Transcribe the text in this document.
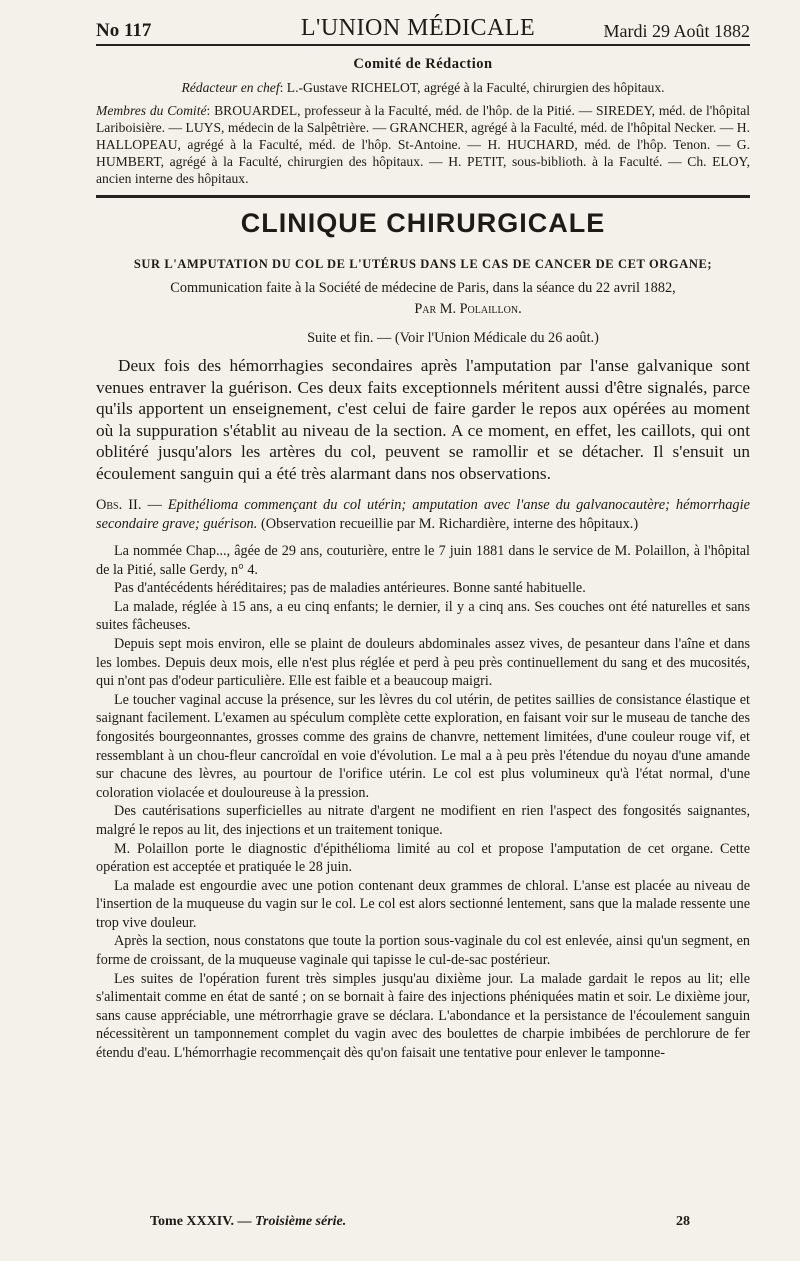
No 117	L'UNION MÉDICALE	Mardi 29 Août 1882
Comité de Rédaction

Rédacteur en chef: L.-Gustave RICHELOT, agrégé à la Faculté, chirurgien des hôpitaux.

Membres du Comité: BROUARDEL, professeur à la Faculté, méd. de l'hôp. de la Pitié. — SIREDEY, méd. de l'hôpital Lariboisière. — LUYS, médecin de la Salpêtrière. — GRANCHER, agrégé à la Faculté, méd. de l'hôpital Necker. — H. HALLOPEAU, agrégé à la Faculté, méd. de l'hôp. St-Antoine. — H. HUCHARD, méd. de l'hôp. Tenon. — G. HUMBERT, agrégé à la Faculté, chirurgien des hôpitaux. — H. PETIT, sous-biblioth. à la Faculté. — Ch. ELOY, ancien interne des hôpitaux.

CLINIQUE CHIRURGICALE
SUR L'AMPUTATION DU COL DE L'UTÉRUS DANS LE CAS DE CANCER DE CET ORGANE;
Communication faite à la Société de médecine de Paris, dans la séance du 22 avril 1882,
Par M. Polaillon.
Suite et fin. — (Voir l'Union Médicale du 26 août.)

Deux fois des hémorrhagies secondaires après l'amputation par l'anse galvanique sont venues entraver la guérison. Ces deux faits exceptionnels méritent aussi d'être signalés, parce qu'ils apportent un enseignement, c'est celui de faire garder le repos aux opérées au moment où la suppuration s'établit au niveau de la section. A ce moment, en effet, les caillots, qui ont oblitéré jusqu'alors les artères du col, peuvent se ramollir et se détacher. Il s'ensuit un écoulement sanguin qui a été très alarmant dans nos observations.

Obs. II. — Epithélioma commençant du col utérin; amputation avec l'anse du galvanocautère; hémorrhagie secondaire grave; guérison. (Observation recueillie par M. Richardière, interne des hôpitaux.)

La nommée Chap..., âgée de 29 ans, couturière, entre le 7 juin 1881 dans le service de M. Polaillon, à l'hôpital de la Pitié, salle Gerdy, n° 4.

Pas d'antécédents héréditaires; pas de maladies antérieures. Bonne santé habituelle.

La malade, réglée à 15 ans, a eu cinq enfants; le dernier, il y a cinq ans. Ses couches ont été naturelles et sans suites fâcheuses.

Depuis sept mois environ, elle se plaint de douleurs abdominales assez vives, de pesanteur dans l'aîne et dans les lombes. Depuis deux mois, elle n'est plus réglée et perd à peu près continuellement du sang et des mucosités, qui n'ont pas d'odeur particulière. Elle est faible et a beaucoup maigri.

Le toucher vaginal accuse la présence, sur les lèvres du col utérin, de petites saillies de consistance élastique et saignant facilement. L'examen au spéculum complète cette exploration, en faisant voir sur le museau de tanche des fongosités bourgeonnantes, grosses comme des grains de chanvre, nettement limitées, d'une couleur rouge vif, et ressemblant à un chou-fleur cancroïdal en voie d'évolution. Le mal a à peu près l'étendue du noyau d'une amande sur chacune des lèvres, au pourtour de l'orifice utérin. Le col est plus volumineux qu'à l'état normal, d'une coloration violacée et douloureuse à la pression.

Des cautérisations superficielles au nitrate d'argent ne modifient en rien l'aspect des fongosités saignantes, malgré le repos au lit, des injections et un traitement tonique.

M. Polaillon porte le diagnostic d'épithélioma limité au col et propose l'amputation de cet organe. Cette opération est acceptée et pratiquée le 28 juin.

La malade est engourdie avec une potion contenant deux grammes de chloral. L'anse est placée au niveau de l'insertion de la muqueuse du vagin sur le col. Le col est alors sectionné lentement, sans que la malade ressente une trop vive douleur.

Après la section, nous constatons que toute la portion sous-vaginale du col est enlevée, ainsi qu'un segment, en forme de croissant, de la muqueuse vaginale qui tapisse le cul-de-sac postérieur.

Les suites de l'opération furent très simples jusqu'au dixième jour. La malade gardait le repos au lit; elle s'alimentait comme en état de santé ; on se bornait à faire des injections phéniquées matin et soir. Le dixième jour, sans cause appréciable, une métrorrhagie grave se déclara. L'abondance et la persistance de l'écoulement sanguin nécessitèrent un tamponnement complet du vagin avec des boulettes de charpie imbibées de perchlorure de fer étendu d'eau. L'hémorrhagie recommençait dès qu'on faisait une tentative pour enlever le tamponne-

Tome XXXIV. — Troisième série.	28
